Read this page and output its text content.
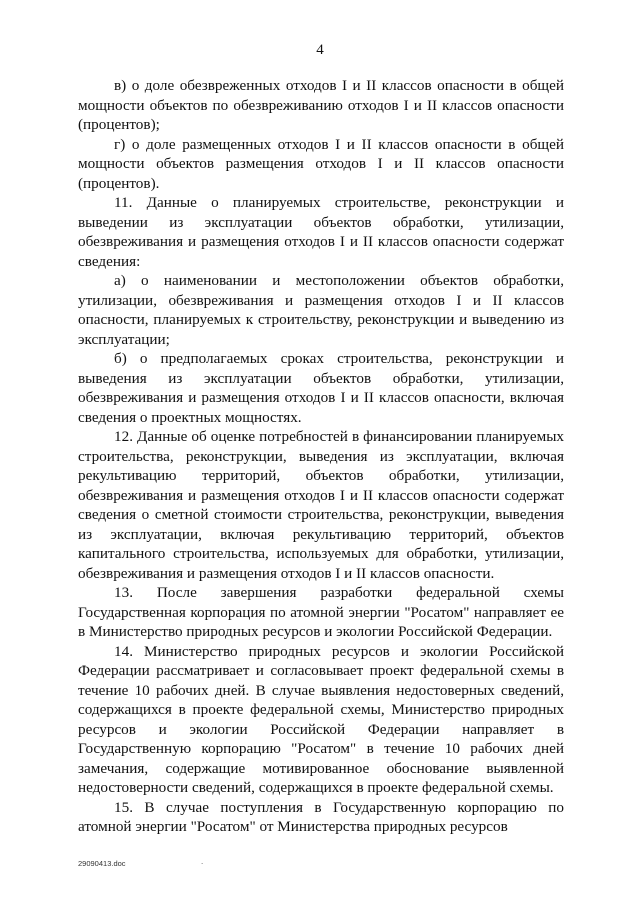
4

в) о доле обезвреженных отходов I и II классов опасности в общей мощности объектов по обезвреживанию отходов I и II классов опасности (процентов);

г) о доле размещенных отходов I и II классов опасности в общей мощности объектов размещения отходов I и II классов опасности (процентов).

11. Данные о планируемых строительстве, реконструкции и выведении из эксплуатации объектов обработки, утилизации, обезвреживания и размещения отходов I и II классов опасности содержат сведения:

а) о наименовании и местоположении объектов обработки, утилизации, обезвреживания и размещения отходов I и II классов опасности, планируемых к строительству, реконструкции и выведению из эксплуатации;

б) о предполагаемых сроках строительства, реконструкции и выведения из эксплуатации объектов обработки, утилизации, обезвреживания и размещения отходов I и II классов опасности, включая сведения о проектных мощностях.

12. Данные об оценке потребностей в финансировании планируемых строительства, реконструкции, выведения из эксплуатации, включая рекультивацию территорий, объектов обработки, утилизации, обезвреживания и размещения отходов I и II классов опасности содержат сведения о сметной стоимости строительства, реконструкции, выведения из эксплуатации, включая рекультивацию территорий, объектов капитального строительства, используемых для обработки, утилизации, обезвреживания и размещения отходов I и II классов опасности.

13. После завершения разработки федеральной схемы Государственная корпорация по атомной энергии "Росатом" направляет ее в Министерство природных ресурсов и экологии Российской Федерации.

14. Министерство природных ресурсов и экологии Российской Федерации рассматривает и согласовывает проект федеральной схемы в течение 10 рабочих дней. В случае выявления недостоверных сведений, содержащихся в проекте федеральной схемы, Министерство природных ресурсов и экологии Российской Федерации направляет в Государственную корпорацию "Росатом" в течение 10 рабочих дней замечания, содержащие мотивированное обоснование выявленной недостоверности сведений, содержащихся в проекте федеральной схемы.

15. В случае поступления в Государственную корпорацию по атомной энергии "Росатом" от Министерства природных ресурсов

29090413.doc	.
